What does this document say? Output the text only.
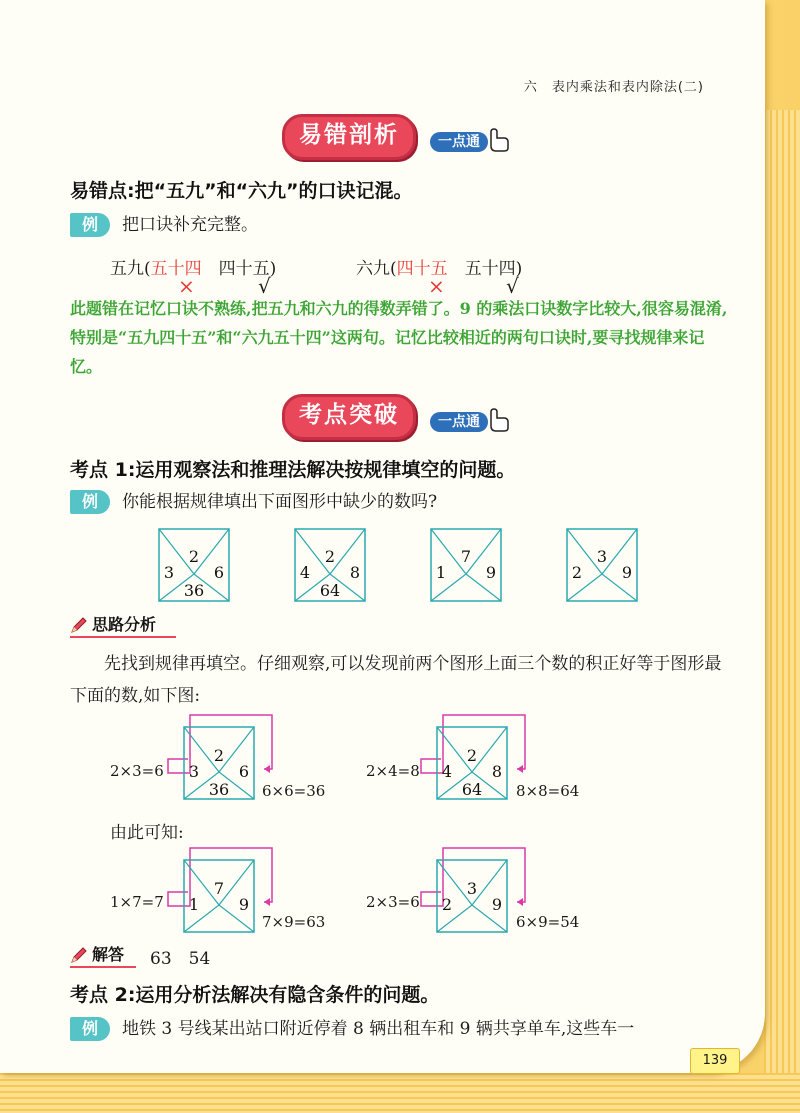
六　表内乘法和表内除法(二)
易错剖析	一点通
易错点:把“五九”和“六九”的口诀记混。
例	把口诀补充完整。
五九(五十四　 四十五)
×	√
六九(四十五　 五十四)
×	√
此题错在记忆口诀不熟练,把五九和六九的得数弄错了。9 的乘法口诀数字比较大,很容易混淆,特别是“五九四十五”和“六九五十四”这两句。记忆比较相近的两句口诀时,要寻找规律来记忆。
考点突破	一点通
考点 1:运用观察法和推理法解决按规律填空的问题。
例	你能根据规律填出下面图形中缺少的数吗?
2
3 6
36
2
4 8
64
7
1 9
3
2 9
思路分析
先找到规律再填空。仔细观察,可以发现前两个图形上面三个数的积正好等于图形最下面的数,如下图:
2
3 6
36
2×3=6
6×6=36
2
4 8
64
2×4=8
8×8=64
由此可知:
7
1 9
1×7=7
7×9=63
3
2 9
2×3=6
6×9=54
解答 63　54
考点 2:运用分析法解决有隐含条件的问题。
例	地铁 3 号线某出站口附近停着 8 辆出租车和 9 辆共享单车,这些车一
139
